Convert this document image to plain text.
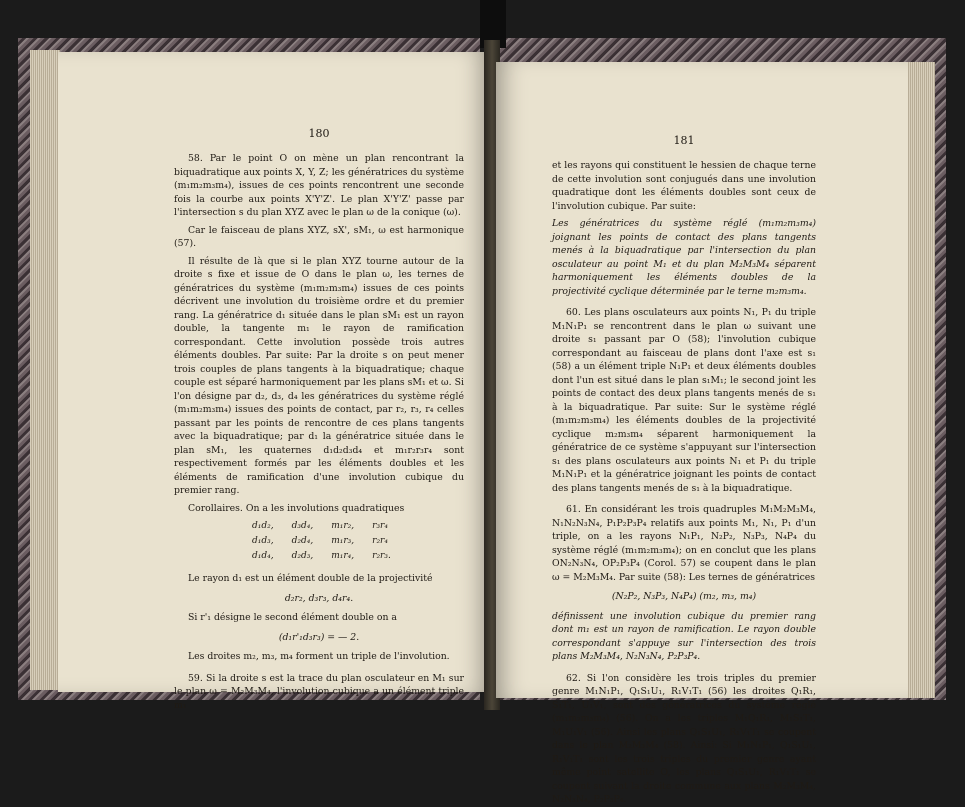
180

58. Par le point O on mène un plan rencontrant la biquadratique aux points X, Y, Z; les génératrices du système (m₁m₂m₃m₄), issues de ces points rencontrent une seconde fois la courbe aux points X'Y'Z'. Le plan X'Y'Z' passe par l'intersection s du plan XYZ avec le plan ω de la conique (ω).

Car le faisceau de plans XYZ, sX', sM₁, ω est harmonique (57).

Il résulte de là que si le plan XYZ tourne autour de la droite s fixe et issue de O dans le plan ω, les ternes de génératrices du système (m₁m₂m₃m₄) issues de ces points décrivent une involution du troisième ordre et du premier rang. La génératrice d₁ située dans le plan sM₁ est un rayon double, la tangente m₁ le rayon de ramification correspondant. Cette involution possède trois autres éléments doubles. Par suite: Par la droite s on peut mener trois couples de plans tangents à la biquadratique; chaque couple est séparé harmoniquement par les plans sM₁ et ω. Si l'on désigne par d₂, d₃, d₄ les génératrices du système réglé (m₁m₂m₃m₄) issues des points de contact, par r₂, r₃, r₄ celles passant par les points de rencontre de ces plans tangents avec la biquadratique; par d₁ la génératrice située dans le plan sM₁, les quaternes d₁d₂d₃d₄ et m₁r₂r₃r₄ sont respectivement formés par les éléments doubles et les éléments de ramification d'une involution cubique du premier rang.

Corollaires. On a les involutions quadratiques

d₁d₂, d₃d₄, m₁r₂, r₃r₄
d₁d₃, d₂d₄, m₁r₃, r₂r₄
d₁d₄, d₂d₃, m₁r₄, r₂r₃.

Le rayon d₁ est un élément double de la projectivité

d₂r₂, d₃r₃, d₄r₄.

Si r'₁ désigne le second élément double on a

(d₁r'₁d₃r₃) = — 2.

Les droites m₂, m₃, m₄ forment un triple de l'involution.

59. Si la droite s est la trace du plan osculateur en M₁ sur le plan ω = M₂M₃M₄, l'involution cubique a un élément triple m₁

181

et les rayons qui constituent le hessien de chaque terne de cette involution sont conjugués dans une involution quadratique dont les éléments doubles sont ceux de l'involution cubique. Par suite:

Les génératrices du système réglé (m₁m₂m₃m₄) joignant les points de contact des plans tangents menés à la biquadratique par l'intersection du plan osculateur au point M₁ et du plan M₂M₃M₄ séparent harmoniquement les éléments doubles de la projectivité cyclique déterminée par le terne m₂m₃m₄.

60. Les plans osculateurs aux points N₁, P₁ du triple M₁N₁P₁ se rencontrent dans le plan ω suivant une droite s₁ passant par O (58); l'involution cubique correspondant au faisceau de plans dont l'axe est s₁ (58) a un élément triple N₁P₁ et deux éléments doubles dont l'un est situé dans le plan s₁M₁; le second joint les points de contact des deux plans tangents menés de s₁ à la biquadratique. Par suite: Sur le système réglé (m₁m₂m₃m₄) les éléments doubles de la projectivité cyclique m₂m₃m₄ séparent harmoniquement la génératrice de ce système s'appuyant sur l'intersection s₁ des plans osculateurs aux points N₁ et P₁ du triple M₁N₁P₁ et la génératrice joignant les points de contact des plans tangents menés de s₁ à la biquadratique.

61. En considérant les trois quadruples M₁M₂M₃M₄, N₁N₂N₃N₄, P₁P₂P₃P₄ relatifs aux points M₁, N₁, P₁ d'un triple, on a les rayons N₁P₁, N₂P₂, N₃P₃, N₄P₄ du système réglé (m₁m₂m₃m₄); on en conclut que les plans ON₂N₃N₄, OP₂P₃P₄ (Corol. 57) se coupent dans le plan ω = M₂M₃M₄. Par suite (58): Les ternes de génératrices

(N₂P₂, N₃P₃, N₄P₄) (m₂, m₃, m₄)

définissent une involution cubique du premier rang dont m₁ est un rayon de ramification. Le rayon double correspondant s'appuye sur l'intersection des trois plans M₂M₃M₄, N₂N₃N₄, P₂P₃P₄.

62. Si l'on considère les trois triples du premier genre M₁N₁P₁, Q₁S₁U₁, R₁V₁T₁ (56) les droites Q₁R₁, S₁T₁, U₁V₁, sont des génératrices du système réglé (m₁m₂m₃m₄) (56). On a les triples M₁Q₁R₁, M₁S₁T₁, M₁U₁V₁ (56). Ainsi les plans Q₁S₁U₁, R₁V₁T₁ se coupent dans le plan M₂M₃M₄ (58). Ainsi: Si M₁N₁P₁, Q₁S₁U₁, R₁V₁T₁ sont les trois triples du premier genre ayant même point satellite O, les plans Q₁S₁U₁, R₁V₁T₁ se coupent suivant la droite commune aux plans M₂M₃M₄, N₂N₃N₄, P₂P₃P₄.
